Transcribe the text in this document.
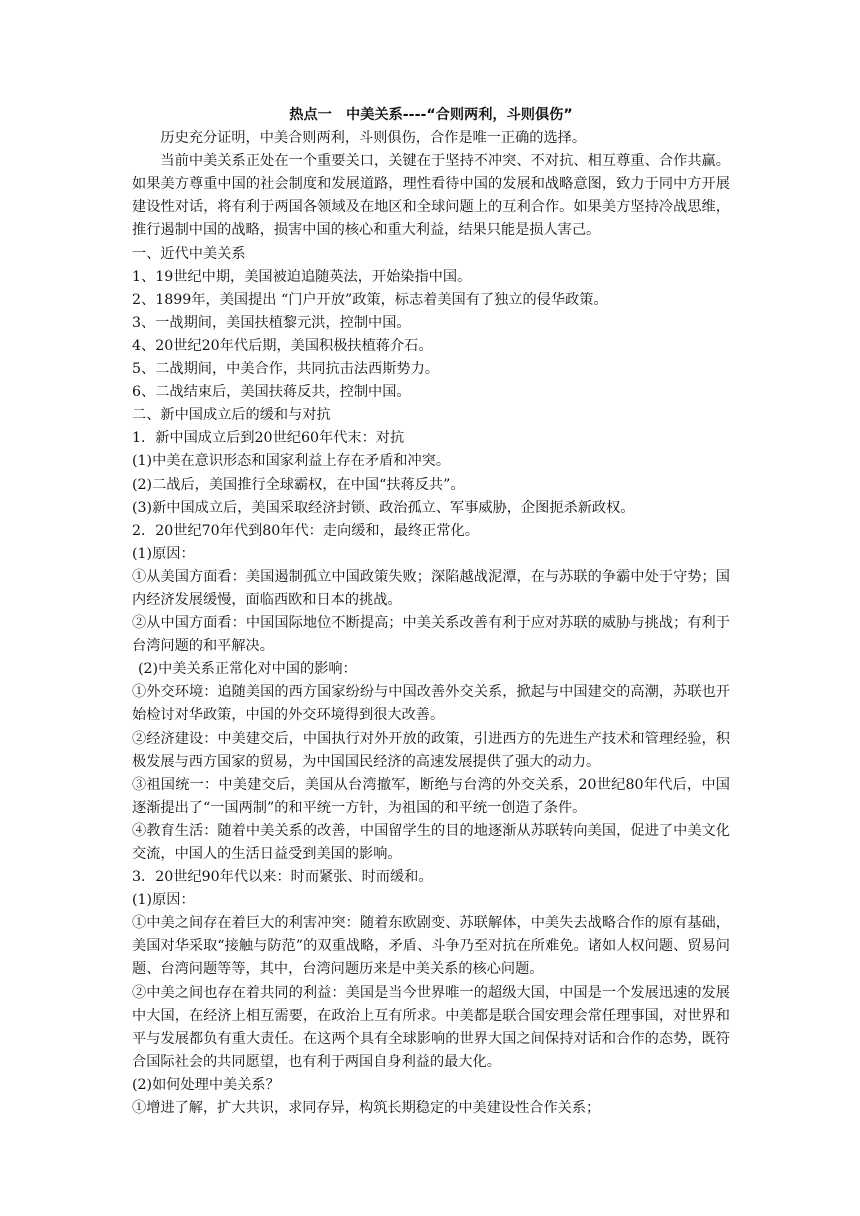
热点一　中美关系----“合则两利，斗则俱伤”

历史充分证明，中美合则两利，斗则俱伤，合作是唯一正确的选择。

当前中美关系正处在一个重要关口，关键在于坚持不冲突、不对抗、相互尊重、合作共赢。如果美方尊重中国的社会制度和发展道路，理性看待中国的发展和战略意图，致力于同中方开展建设性对话，将有利于两国各领域及在地区和全球问题上的互利合作。如果美方坚持冷战思维，推行遏制中国的战略，损害中国的核心和重大利益，结果只能是损人害己。

一、近代中美关系

1、19世纪中期，美国被迫追随英法，开始染指中国。

2、1899年，美国提出 “门户开放”政策，标志着美国有了独立的侵华政策。

3、一战期间，美国扶植黎元洪，控制中国。

4、20世纪20年代后期，美国积极扶植蒋介石。

5、二战期间，中美合作，共同抗击法西斯势力。

6、二战结束后，美国扶蒋反共，控制中国。

二、新中国成立后的缓和与对抗

1．新中国成立后到20世纪60年代末：对抗

(1)中美在意识形态和国家利益上存在矛盾和冲突。

(2)二战后，美国推行全球霸权，在中国“扶蒋反共”。

(3)新中国成立后，美国采取经济封锁、政治孤立、军事威胁，企图扼杀新政权。

2．20世纪70年代到80年代：走向缓和，最终正常化。

(1)原因：

①从美国方面看：美国遏制孤立中国政策失败；深陷越战泥潭，在与苏联的争霸中处于守势；国内经济发展缓慢，面临西欧和日本的挑战。

②从中国方面看：中国国际地位不断提高；中美关系改善有利于应对苏联的威胁与挑战；有利于台湾问题的和平解决。

(2)中美关系正常化对中国的影响：

①外交环境：追随美国的西方国家纷纷与中国改善外交关系，掀起与中国建交的高潮，苏联也开始检讨对华政策，中国的外交环境得到很大改善。

②经济建设：中美建交后，中国执行对外开放的政策，引进西方的先进生产技术和管理经验，积极发展与西方国家的贸易，为中国国民经济的高速发展提供了强大的动力。

③祖国统一：中美建交后，美国从台湾撤军，断绝与台湾的外交关系，20世纪80年代后，中国逐渐提出了“一国两制”的和平统一方针，为祖国的和平统一创造了条件。

④教育生活：随着中美关系的改善，中国留学生的目的地逐渐从苏联转向美国，促进了中美文化交流，中国人的生活日益受到美国的影响。

3．20世纪90年代以来：时而紧张、时而缓和。

(1)原因：

①中美之间存在着巨大的利害冲突：随着东欧剧变、苏联解体，中美失去战略合作的原有基础，美国对华采取“接触与防范”的双重战略，矛盾、斗争乃至对抗在所难免。诸如人权问题、贸易问题、台湾问题等等，其中，台湾问题历来是中美关系的核心问题。

②中美之间也存在着共同的利益：美国是当今世界唯一的超级大国，中国是一个发展迅速的发展中大国，在经济上相互需要，在政治上互有所求。中美都是联合国安理会常任理事国，对世界和平与发展都负有重大责任。在这两个具有全球影响的世界大国之间保持对话和合作的态势，既符合国际社会的共同愿望，也有利于两国自身利益的最大化。

(2)如何处理中美关系？

①增进了解，扩大共识，求同存异，构筑长期稳定的中美建设性合作关系；
